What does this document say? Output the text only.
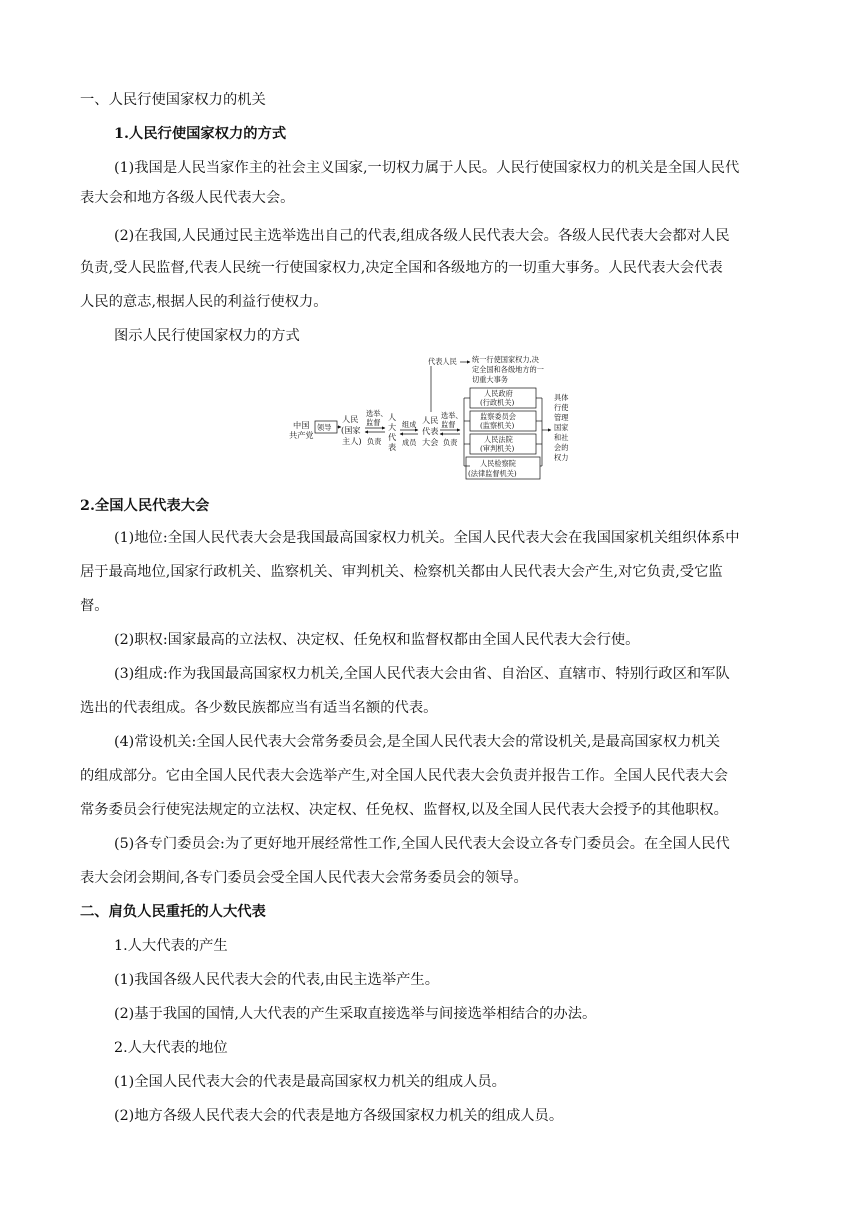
一、人民行使国家权力的机关
1.人民行使国家权力的方式
(1)我国是人民当家作主的社会主义国家,一切权力属于人民。人民行使国家权力的机关是全国人民代
表大会和地方各级人民代表大会。
(2)在我国,人民通过民主选举选出自己的代表,组成各级人民代表大会。各级人民代表大会都对人民
负责,受人民监督,代表人民统一行使国家权力,决定全国和各级地方的一切重大事务。人民代表大会代表
人民的意志,根据人民的利益行使权力。
图示人民行使国家权力的方式
中国
共产党
领导
人民
(国家
主人)
选举、
监督
负责
人
大
代
表
组成
成员
人民
代表
大会
代表人民 统一行使国家权力,决
定全国和各级地方的一
切重大事务
选举、
监督
负责
人民政府
(行政机关)
监察委员会
(监察机关)
人民法院
(审判机关)
人民检察院
(法律监督机关)
具体
行使
管理
国家
和社
会的
权力
2.全国人民代表大会
(1)地位:全国人民代表大会是我国最高国家权力机关。全国人民代表大会在我国国家机关组织体系中
居于最高地位,国家行政机关、监察机关、审判机关、检察机关都由人民代表大会产生,对它负责,受它监
督。
(2)职权:国家最高的立法权、决定权、任免权和监督权都由全国人民代表大会行使。
(3)组成:作为我国最高国家权力机关,全国人民代表大会由省、自治区、直辖市、特别行政区和军队
选出的代表组成。各少数民族都应当有适当名额的代表。
(4)常设机关:全国人民代表大会常务委员会,是全国人民代表大会的常设机关,是最高国家权力机关
的组成部分。它由全国人民代表大会选举产生,对全国人民代表大会负责并报告工作。全国人民代表大会
常务委员会行使宪法规定的立法权、决定权、任免权、监督权,以及全国人民代表大会授予的其他职权。
(5)各专门委员会:为了更好地开展经常性工作,全国人民代表大会设立各专门委员会。在全国人民代
表大会闭会期间,各专门委员会受全国人民代表大会常务委员会的领导。
二、肩负人民重托的人大代表
1.人大代表的产生
(1)我国各级人民代表大会的代表,由民主选举产生。
(2)基于我国的国情,人大代表的产生采取直接选举与间接选举相结合的办法。
2.人大代表的地位
(1)全国人民代表大会的代表是最高国家权力机关的组成人员。
(2)地方各级人民代表大会的代表是地方各级国家权力机关的组成人员。
